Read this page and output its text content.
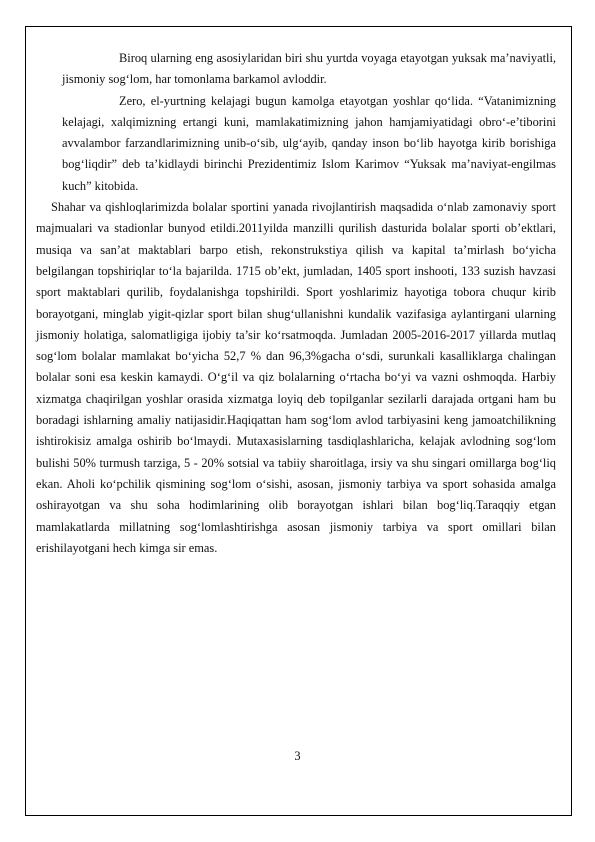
Biroq ularning eng asosiylaridan biri shu yurtda voyaga etayotgan yuksak ma’naviyatli, jismoniy sog‘lom, har tomonlama barkamol avloddir.

Zero, el-yurtning kelajagi bugun kamolga etayotgan yoshlar qo‘lida. “Vatanimizning kelajagi, xalqimizning ertangi kuni, mamlakatimizning jahon hamjamiyatidagi obro‘-e’tiborini avvalambor farzandlarimizning unib-o‘sib, ulg‘ayib, qanday inson bo‘lib hayotga kirib borishiga bog‘liqdir” deb ta’kidlaydi birinchi Prezidentimiz Islom Karimov “Yuksak ma’naviyat-engilmas kuch” kitobida.

Shahar va qishloqlarimizda bolalar sportini yanada rivojlantirish maqsadida o‘nlab zamonaviy sport majmualari va stadionlar bunyod etildi.2011yilda manzilli qurilish dasturida bolalar sporti ob’ektlari, musiqa va san’at maktablari barpo etish, rekonstrukstiya qilish va kapital ta’mirlash bo‘yicha belgilangan topshiriqlar to‘la bajarilda. 1715 ob’ekt, jumladan, 1405 sport inshooti, 133 suzish havzasi sport maktablari qurilib, foydalanishga topshirildi. Sport yoshlarimiz hayotiga tobora chuqur kirib borayotgani, minglab yigit-qizlar sport bilan shug‘ullanishni kundalik vazifasiga aylantirgani ularning jismoniy holatiga, salomatligiga ijobiy ta’sir ko‘rsatmoqda. Jumladan 2005-2016-2017 yillarda mutlaq sog‘lom bolalar mamlakat bo‘yicha 52,7 % dan 96,3%gacha o‘sdi, surunkali kasalliklarga chalingan bolalar soni esa keskin kamaydi. O‘g‘il va qiz bolalarning o‘rtacha bo‘yi va vazni oshmoqda. Harbiy xizmatga chaqirilgan yoshlar orasida xizmatga loyiq deb topilganlar sezilarli darajada ortgani ham bu boradagi ishlarning amaliy natijasidir.Haqiqattan ham sog‘lom avlod tarbiyasini keng jamoatchilikning ishtirokisiz amalga oshirib bo‘lmaydi. Mutaxasislarning tasdiqlashlaricha, kelajak avlodning sog‘lom bulishi 50% turmush tarziga, 5 - 20% sotsial va tabiiy sharoitlaga, irsiy va shu singari omillarga bog‘liq ekan. Aholi ko‘pchilik qismining sog‘lom o‘sishi, asosan, jismoniy tarbiya va sport sohasida amalga oshirayotgan va shu soha hodimlarining olib borayotgan ishlari bilan bog‘liq.Taraqqiy etgan mamlakatlarda millatning sog‘lomlashtirishga asosan jismoniy tarbiya va sport omillari bilan erishilayotgani hech kimga sir emas.

3
